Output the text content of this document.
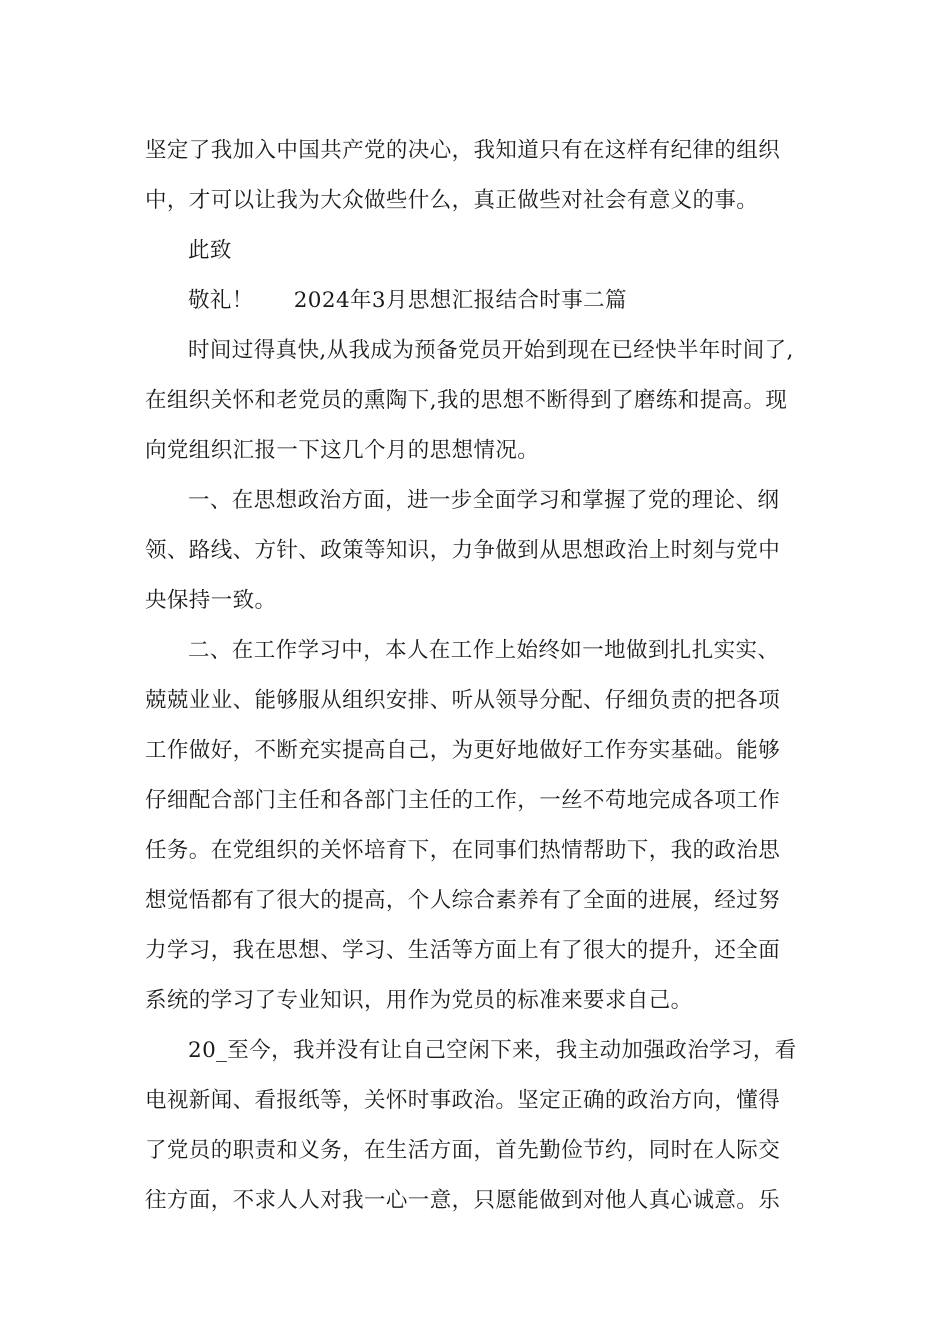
坚定了我加入中国共产党的决心，我知道只有在这样有纪律的组织
中，才可以让我为大众做些什么，真正做些对社会有意义的事。
此致
敬礼！ 2024年3月思想汇报结合时事二篇
时间过得真快,从我成为预备党员开始到现在已经快半年时间了,
在组织关怀和老党员的熏陶下,我的思想不断得到了磨练和提高。现
向党组织汇报一下这几个月的思想情况。
一、在思想政治方面，进一步全面学习和掌握了党的理论、纲
领、路线、方针、政策等知识，力争做到从思想政治上时刻与党中
央保持一致。
二、在工作学习中，本人在工作上始终如一地做到扎扎实实、
兢兢业业、能够服从组织安排、听从领导分配、仔细负责的把各项
工作做好，不断充实提高自己，为更好地做好工作夯实基础。能够
仔细配合部门主任和各部门主任的工作，一丝不苟地完成各项工作
任务。在党组织的关怀培育下，在同事们热情帮助下，我的政治思
想觉悟都有了很大的提高，个人综合素养有了全面的进展，经过努
力学习，我在思想、学习、生活等方面上有了很大的提升，还全面
系统的学习了专业知识，用作为党员的标准来要求自己。
20_至今，我并没有让自己空闲下来，我主动加强政治学习，看
电视新闻、看报纸等，关怀时事政治。坚定正确的政治方向，懂得
了党员的职责和义务，在生活方面，首先勤俭节约，同时在人际交
往方面，不求人人对我一心一意，只愿能做到对他人真心诚意。乐
